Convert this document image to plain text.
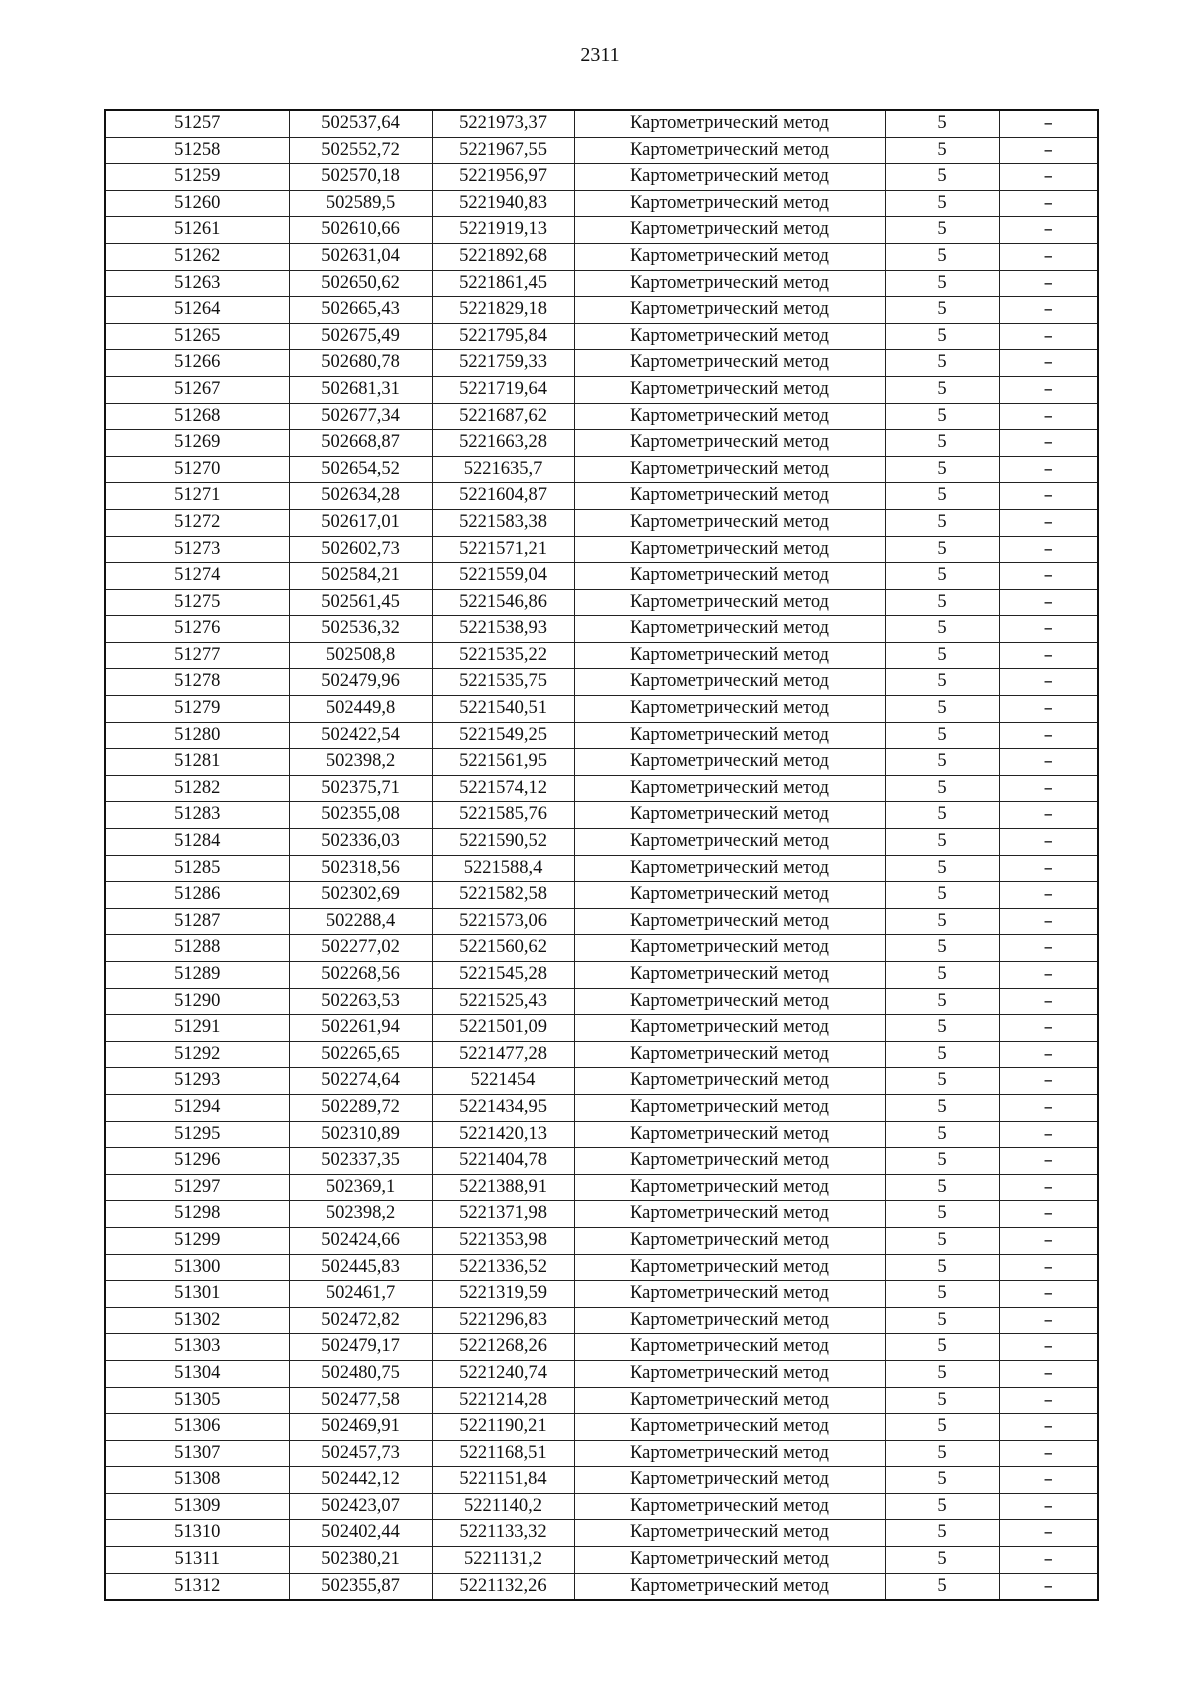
2311
51257	502537,64	5221973,37	Картометрический метод	5	–
51258	502552,72	5221967,55	Картометрический метод	5	–
51259	502570,18	5221956,97	Картометрический метод	5	–
51260	502589,5	5221940,83	Картометрический метод	5	–
51261	502610,66	5221919,13	Картометрический метод	5	–
51262	502631,04	5221892,68	Картометрический метод	5	–
51263	502650,62	5221861,45	Картометрический метод	5	–
51264	502665,43	5221829,18	Картометрический метод	5	–
51265	502675,49	5221795,84	Картометрический метод	5	–
51266	502680,78	5221759,33	Картометрический метод	5	–
51267	502681,31	5221719,64	Картометрический метод	5	–
51268	502677,34	5221687,62	Картометрический метод	5	–
51269	502668,87	5221663,28	Картометрический метод	5	–
51270	502654,52	5221635,7	Картометрический метод	5	–
51271	502634,28	5221604,87	Картометрический метод	5	–
51272	502617,01	5221583,38	Картометрический метод	5	–
51273	502602,73	5221571,21	Картометрический метод	5	–
51274	502584,21	5221559,04	Картометрический метод	5	–
51275	502561,45	5221546,86	Картометрический метод	5	–
51276	502536,32	5221538,93	Картометрический метод	5	–
51277	502508,8	5221535,22	Картометрический метод	5	–
51278	502479,96	5221535,75	Картометрический метод	5	–
51279	502449,8	5221540,51	Картометрический метод	5	–
51280	502422,54	5221549,25	Картометрический метод	5	–
51281	502398,2	5221561,95	Картометрический метод	5	–
51282	502375,71	5221574,12	Картометрический метод	5	–
51283	502355,08	5221585,76	Картометрический метод	5	–
51284	502336,03	5221590,52	Картометрический метод	5	–
51285	502318,56	5221588,4	Картометрический метод	5	–
51286	502302,69	5221582,58	Картометрический метод	5	–
51287	502288,4	5221573,06	Картометрический метод	5	–
51288	502277,02	5221560,62	Картометрический метод	5	–
51289	502268,56	5221545,28	Картометрический метод	5	–
51290	502263,53	5221525,43	Картометрический метод	5	–
51291	502261,94	5221501,09	Картометрический метод	5	–
51292	502265,65	5221477,28	Картометрический метод	5	–
51293	502274,64	5221454	Картометрический метод	5	–
51294	502289,72	5221434,95	Картометрический метод	5	–
51295	502310,89	5221420,13	Картометрический метод	5	–
51296	502337,35	5221404,78	Картометрический метод	5	–
51297	502369,1	5221388,91	Картометрический метод	5	–
51298	502398,2	5221371,98	Картометрический метод	5	–
51299	502424,66	5221353,98	Картометрический метод	5	–
51300	502445,83	5221336,52	Картометрический метод	5	–
51301	502461,7	5221319,59	Картометрический метод	5	–
51302	502472,82	5221296,83	Картометрический метод	5	–
51303	502479,17	5221268,26	Картометрический метод	5	–
51304	502480,75	5221240,74	Картометрический метод	5	–
51305	502477,58	5221214,28	Картометрический метод	5	–
51306	502469,91	5221190,21	Картометрический метод	5	–
51307	502457,73	5221168,51	Картометрический метод	5	–
51308	502442,12	5221151,84	Картометрический метод	5	–
51309	502423,07	5221140,2	Картометрический метод	5	–
51310	502402,44	5221133,32	Картометрический метод	5	–
51311	502380,21	5221131,2	Картометрический метод	5	–
51312	502355,87	5221132,26	Картометрический метод	5	–
